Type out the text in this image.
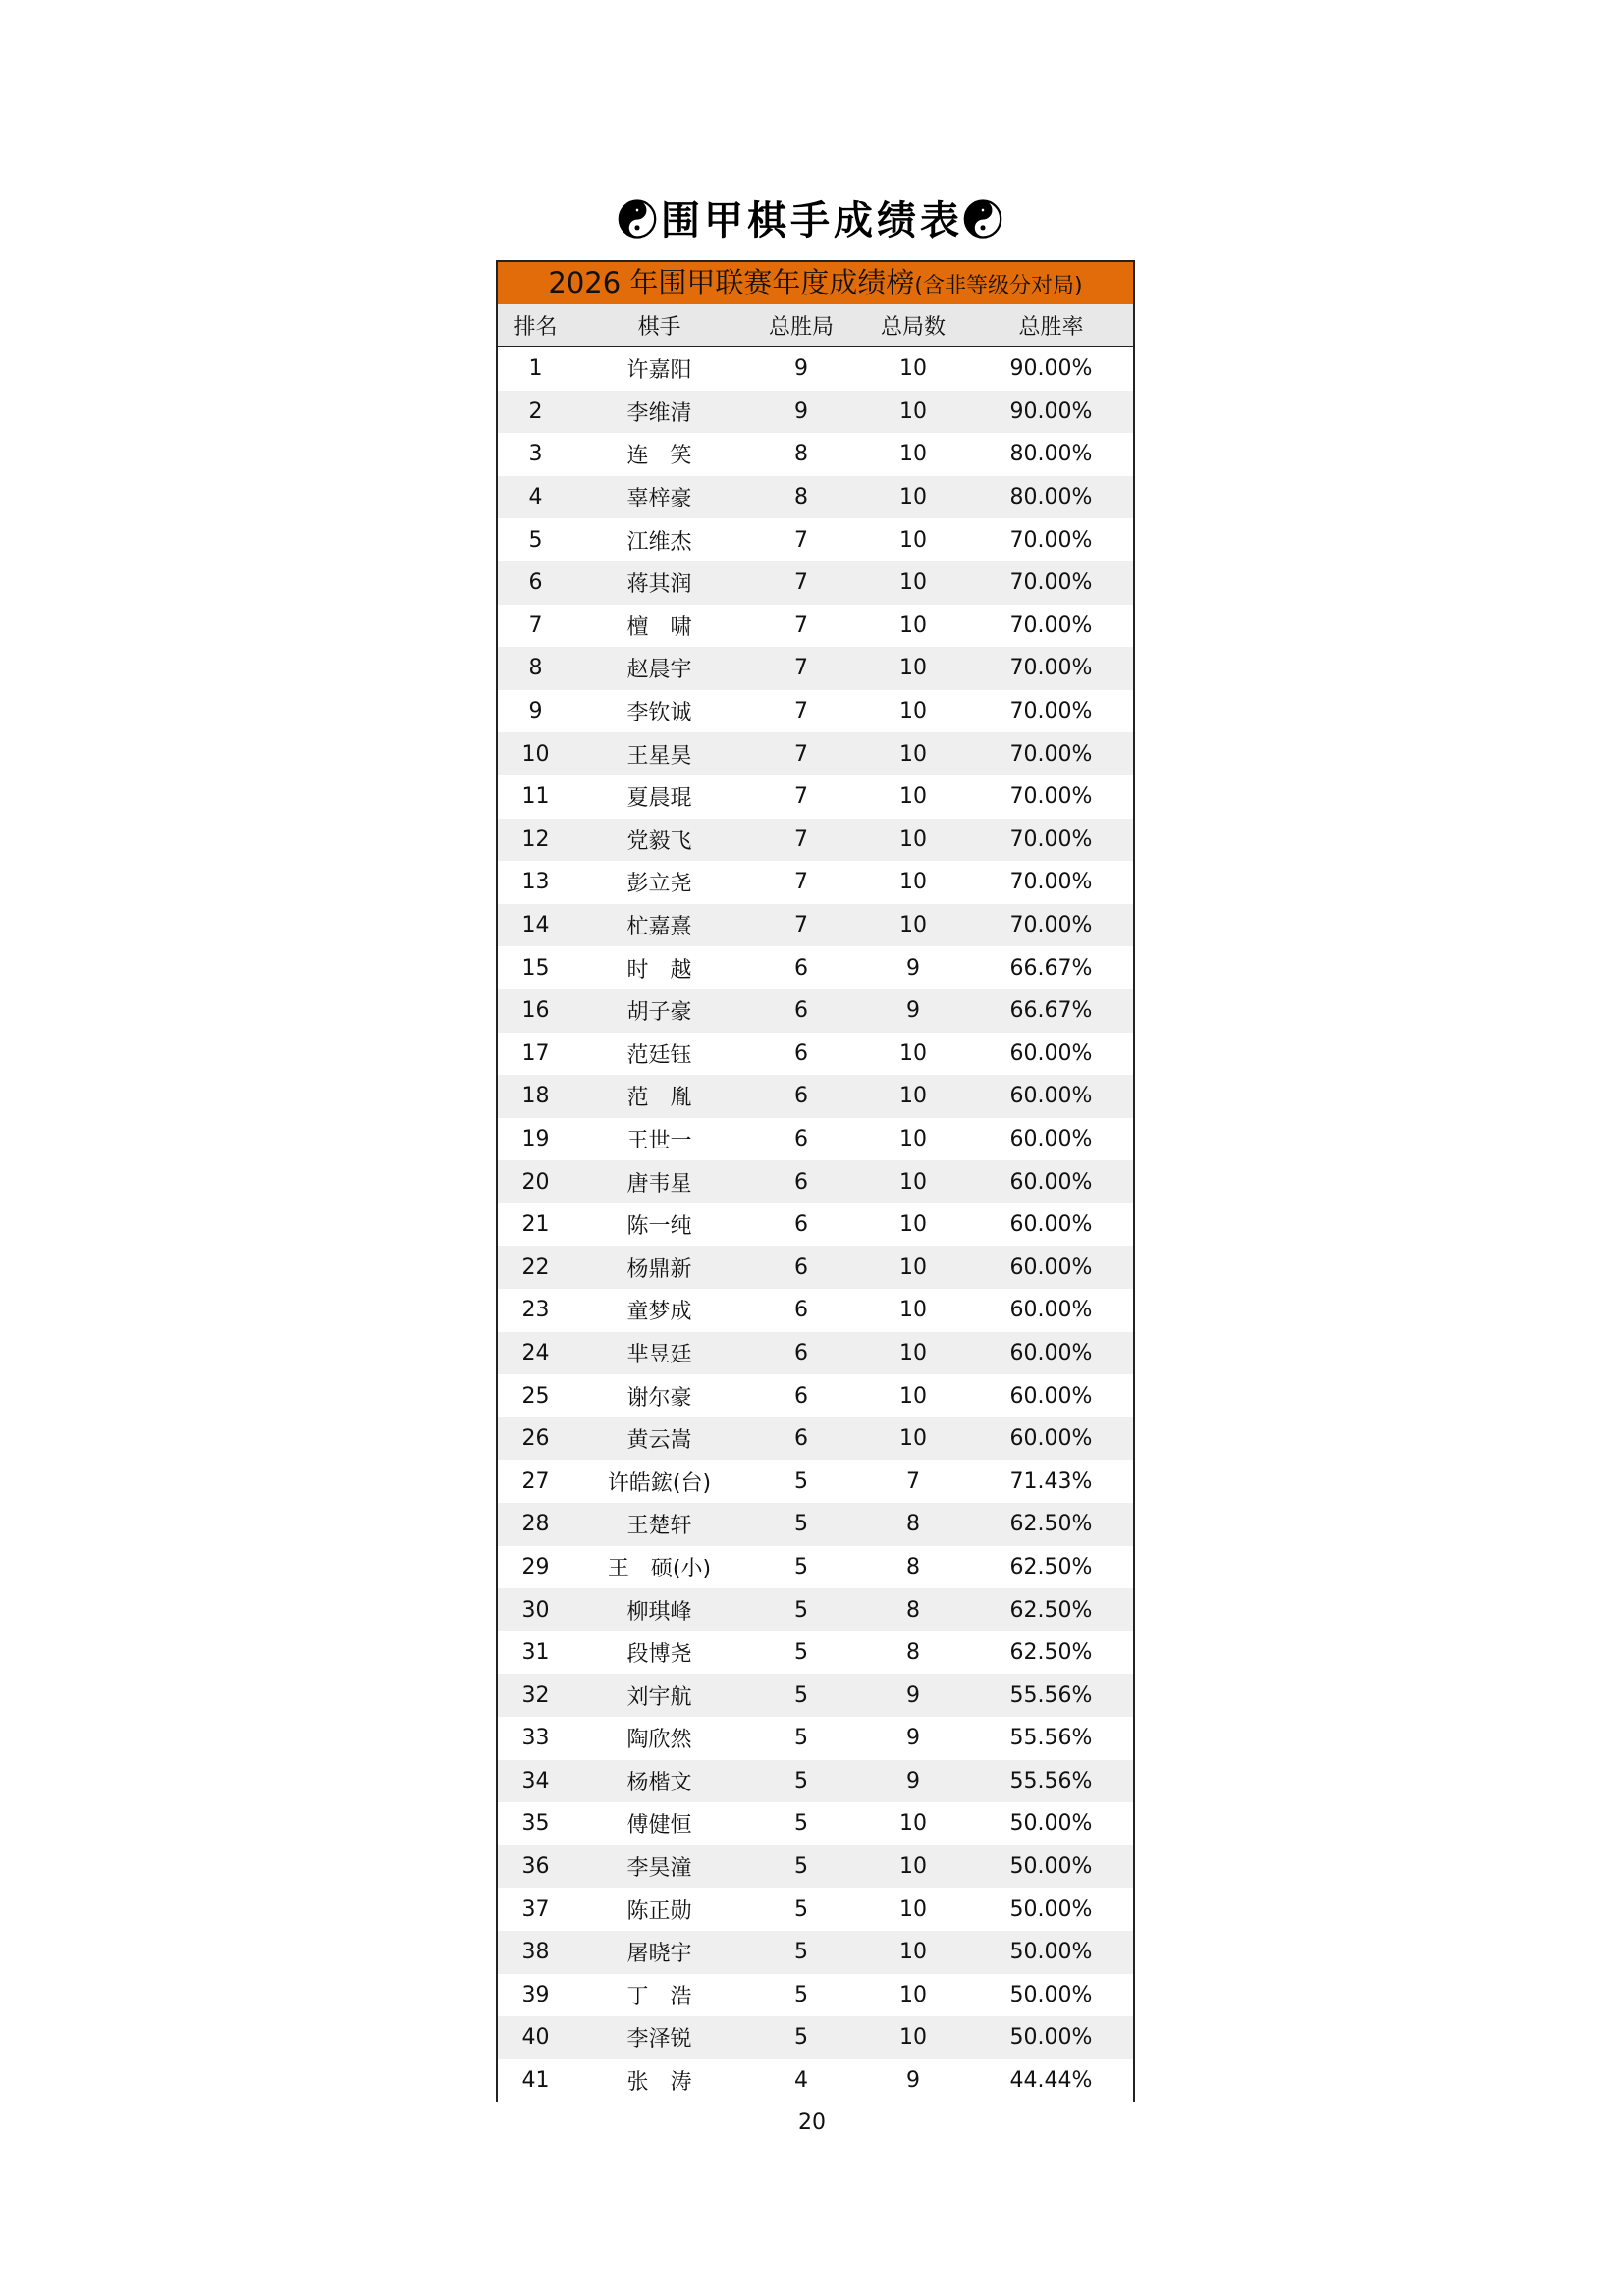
☯围甲棋手成绩表☯
2026 年围甲联赛年度成绩榜(含非等级分对局)
排名	棋手	总胜局	总局数	总胜率
1	许嘉阳	9	10	90.00%
2	李维清	9	10	90.00%
3	连　笑	8	10	80.00%
4	辜梓豪	8	10	80.00%
5	江维杰	7	10	70.00%
6	蒋其润	7	10	70.00%
7	檀　啸	7	10	70.00%
8	赵晨宇	7	10	70.00%
9	李钦诚	7	10	70.00%
10	王星昊	7	10	70.00%
11	夏晨琨	7	10	70.00%
12	党毅飞	7	10	70.00%
13	彭立尧	7	10	70.00%
14	杧嘉熹	7	10	70.00%
15	时　越	6	9	66.67%
16	胡子豪	6	9	66.67%
17	范廷钰	6	10	60.00%
18	范　胤	6	10	60.00%
19	王世一	6	10	60.00%
20	唐韦星	6	10	60.00%
21	陈一纯	6	10	60.00%
22	杨鼎新	6	10	60.00%
23	童梦成	6	10	60.00%
24	芈昱廷	6	10	60.00%
25	谢尔豪	6	10	60.00%
26	黄云嵩	6	10	60.00%
27	许皓鋐(台)	5	7	71.43%
28	王楚轩	5	8	62.50%
29	王　硕(小)	5	8	62.50%
30	柳琪峰	5	8	62.50%
31	段博尧	5	8	62.50%
32	刘宇航	5	9	55.56%
33	陶欣然	5	9	55.56%
34	杨楷文	5	9	55.56%
35	傅健恒	5	10	50.00%
36	李昊潼	5	10	50.00%
37	陈正勋	5	10	50.00%
38	屠晓宇	5	10	50.00%
39	丁　浩	5	10	50.00%
40	李泽锐	5	10	50.00%
41	张　涛	4	9	44.44%
20
